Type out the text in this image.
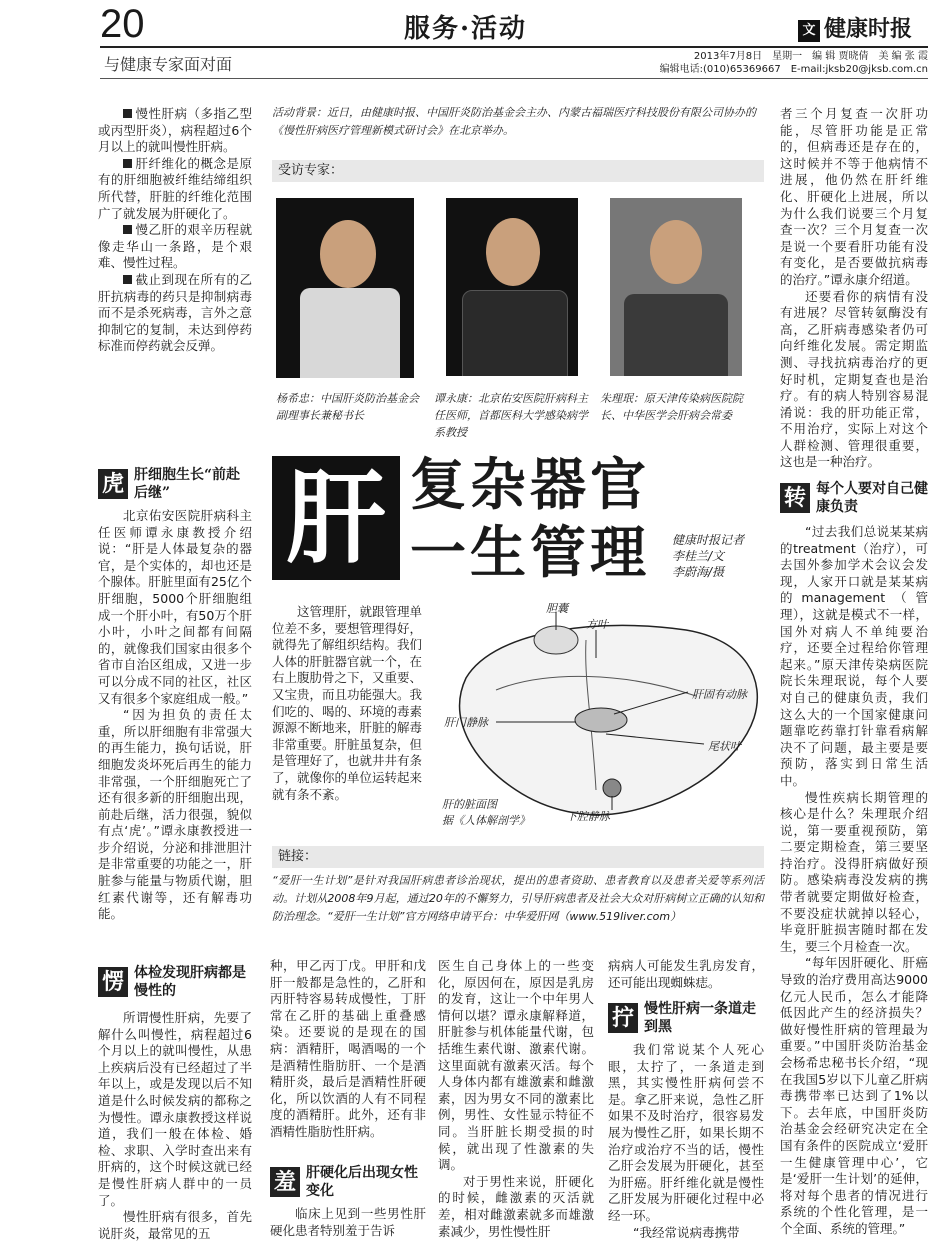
20	服务·活动	文 健康时报
与健康专家面对面	2013年7月8日　星期一　编 辑 贾晓倩　美 编 张 霞
编辑电话:(010)65369667　E-mail:jksb20@jksb.com.cn

慢性肝病（多指乙型或丙型肝炎），病程超过6个月以上的就叫慢性肝病。

肝纤维化的概念是原有的肝细胞被纤维结缔组织所代替，肝脏的纤维化范围广了就发展为肝硬化了。

慢乙肝的艰辛历程就像走华山一条路，是个艰难、慢性过程。

截止到现在所有的乙肝抗病毒的药只是抑制病毒而不是杀死病毒，言外之意抑制它的复制，未达到停药标准而停药就会反弹。

虎 肝细胞生长“前赴后继”

北京佑安医院肝病科主任医师谭永康教授介绍说：“肝是人体最复杂的器官，是个实体的，却也还是个腺体。肝脏里面有25亿个肝细胞，5000个肝细胞组成一个肝小叶，有50万个肝小叶，小叶之间都有间隔的，就像我们国家由很多个省市自治区组成，又进一步可以分成不同的社区，社区又有很多个家庭组成一般。”

“因为担负的责任太重，所以肝细胞有非常强大的再生能力，换句话说，肝细胞发炎坏死后再生的能力非常强，一个肝细胞死亡了还有很多新的肝细胞出现，前赴后继，活力很强，貌似有点‘虎’。”谭永康教授进一步介绍说，分泌和排泄胆汁是非常重要的功能之一，肝脏参与能量与物质代谢，胆红素代谢等，还有解毒功能。

愣 体检发现肝病都是慢性的

所谓慢性肝病，先要了解什么叫慢性，病程超过6个月以上的就叫慢性，从患上疾病后没有已经超过了半年以上，或是发现以后不知道是什么时候发病的都称之为慢性。谭永康教授这样说道，我们一般在体检、婚检、求职、入学时查出来有肝病的，这个时候这就已经是慢性肝病人群中的一员了。

慢性肝病有很多，首先说肝炎，最常见的五

活动背景：近日，由健康时报、中国肝炎防治基金会主办、内蒙古福瑞医疗科技股份有限公司协办的《慢性肝病医疗管理新模式研讨会》在北京举办。
受访专家：
杨希忠：中国肝炎防治基金会副理事长兼秘书长
谭永康：北京佑安医院肝病科主任医师，首都医科大学感染病学系教授
朱理珉：原天津传染病医院院长、中华医学会肝病会常委
肝 复杂器官
一生管理 健康时报记者
李桂兰/文
李蔚海/摄

这管理肝，就跟管理单位差不多，要想管理得好，就得先了解组织结构。我们人体的肝脏器官就一个，在右上腹肋骨之下，又重要、又宝贵，而且功能强大。我们吃的、喝的、环境的毒素源源不断地来，肝脏的解毒非常重要。肝脏虽复杂，但是管理好了，也就井井有条了，就像你的单位运转起来就有条不紊。

胆囊
方叶
肝固有动脉
肝门静脉
尾状叶
下腔静脉
肝的脏面图
据《人体解剖学》
链接：
“爱肝一生计划”是针对我国肝病患者诊治现状，提出的患者资助、患者教育以及患者关爱等系列活动。计划从2008年9月起，通过20年的不懈努力，引导肝病患者及社会大众对肝病树立正确的认知和防治理念。“爱肝一生计划”官方网络申请平台：中华爱肝网（www.519liver.com）

种，甲乙丙丁戊。甲肝和戊肝一般都是急性的，乙肝和丙肝特容易转成慢性，丁肝常在乙肝的基础上重叠感染。还要说的是现在的国病：酒精肝，喝酒喝的一个是酒精性脂肪肝、一个是酒精肝炎，最后是酒精性肝硬化，所以饮酒的人有不同程度的酒精肝。此外，还有非酒精性脂肪性肝病。

羞 肝硬化后出现女性变化

临床上见到一些男性肝硬化患者特别羞于告诉

医生自己身体上的一些变化，原因何在，原因是乳房的发育，这让一个中年男人情何以堪？谭永康解释道，肝脏参与机体能量代谢，包括维生素代谢、激素代谢。这里面就有激素灭活。每个人身体内都有雄激素和雌激素，因为男女不同的激素比例，男性、女性显示特征不同。当肝脏长期受损的时候，就出现了性激素的失调。

对于男性来说，肝硬化的时候，雌激素的灭活就差，相对雌激素就多而雄激素减少，男性慢性肝

病病人可能发生乳房发育，还可能出现蜘蛛痣。

拧 慢性肝病一条道走到黑

我们常说某个人死心眼，太拧了，一条道走到黑，其实慢性肝病何尝不是。拿乙肝来说，急性乙肝如果不及时治疗，很容易发展为慢性乙肝，如果长期不治疗或治疗不当的话，慢性乙肝会发展为肝硬化，甚至为肝癌。肝纤维化就是慢性乙肝发展为肝硬化过程中必经一环。

“我经常说病毒携带

者三个月复查一次肝功能，尽管肝功能是正常的，但病毒还是存在的，这时候并不等于他病情不进展，他仍然在肝纤维化、肝硬化上进展，所以为什么我们说要三个月复查一次？三个月复查一次是说一个要看肝功能有没有变化，是否要做抗病毒的治疗。”谭永康介绍道。

还要看你的病情有没有进展？尽管转氨酶没有高，乙肝病毒感染者仍可向纤维化发展。需定期监测、寻找抗病毒治疗的更好时机，定期复查也是治疗。有的病人特别容易混淆说：我的肝功能正常，不用治疗，实际上对这个人群检测、管理很重要，这也是一种治疗。

转 每个人要对自己健康负责

“过去我们总说某某病的treatment（治疗），可去国外参加学术会议会发现，人家开口就是某某病的management（管理），这就是模式不一样，国外对病人不单纯要治疗，还要全过程给你管理起来。”原天津传染病医院院长朱理珉说，每个人要对自己的健康负责，我们这么大的一个国家健康问题靠吃药靠打针靠看病解决不了问题，最主要是要预防，落实到日常生活中。

慢性疾病长期管理的核心是什么？朱理珉介绍说，第一要重视预防，第二要定期检查，第三要坚持治疗。没得肝病做好预防。感染病毒没发病的携带者就要定期做好检查，不要没症状就掉以轻心，毕竟肝脏损害随时都在发生，要三个月检查一次。

“每年因肝硬化、肝癌导致的治疗费用高达9000亿元人民币，怎么才能降低因此产生的经济损失？做好慢性肝病的管理最为重要。”中国肝炎防治基金会杨希忠秘书长介绍，“现在我国5岁以下儿童乙肝病毒携带率已达到了1%以下。去年底，中国肝炎防治基金会经研究决定在全国有条件的医院成立‘爱肝一生健康管理中心’，它是‘爱肝一生计划’的延伸，将对每个患者的情况进行系统的个性化管理，是一个全面、系统的管理。”
